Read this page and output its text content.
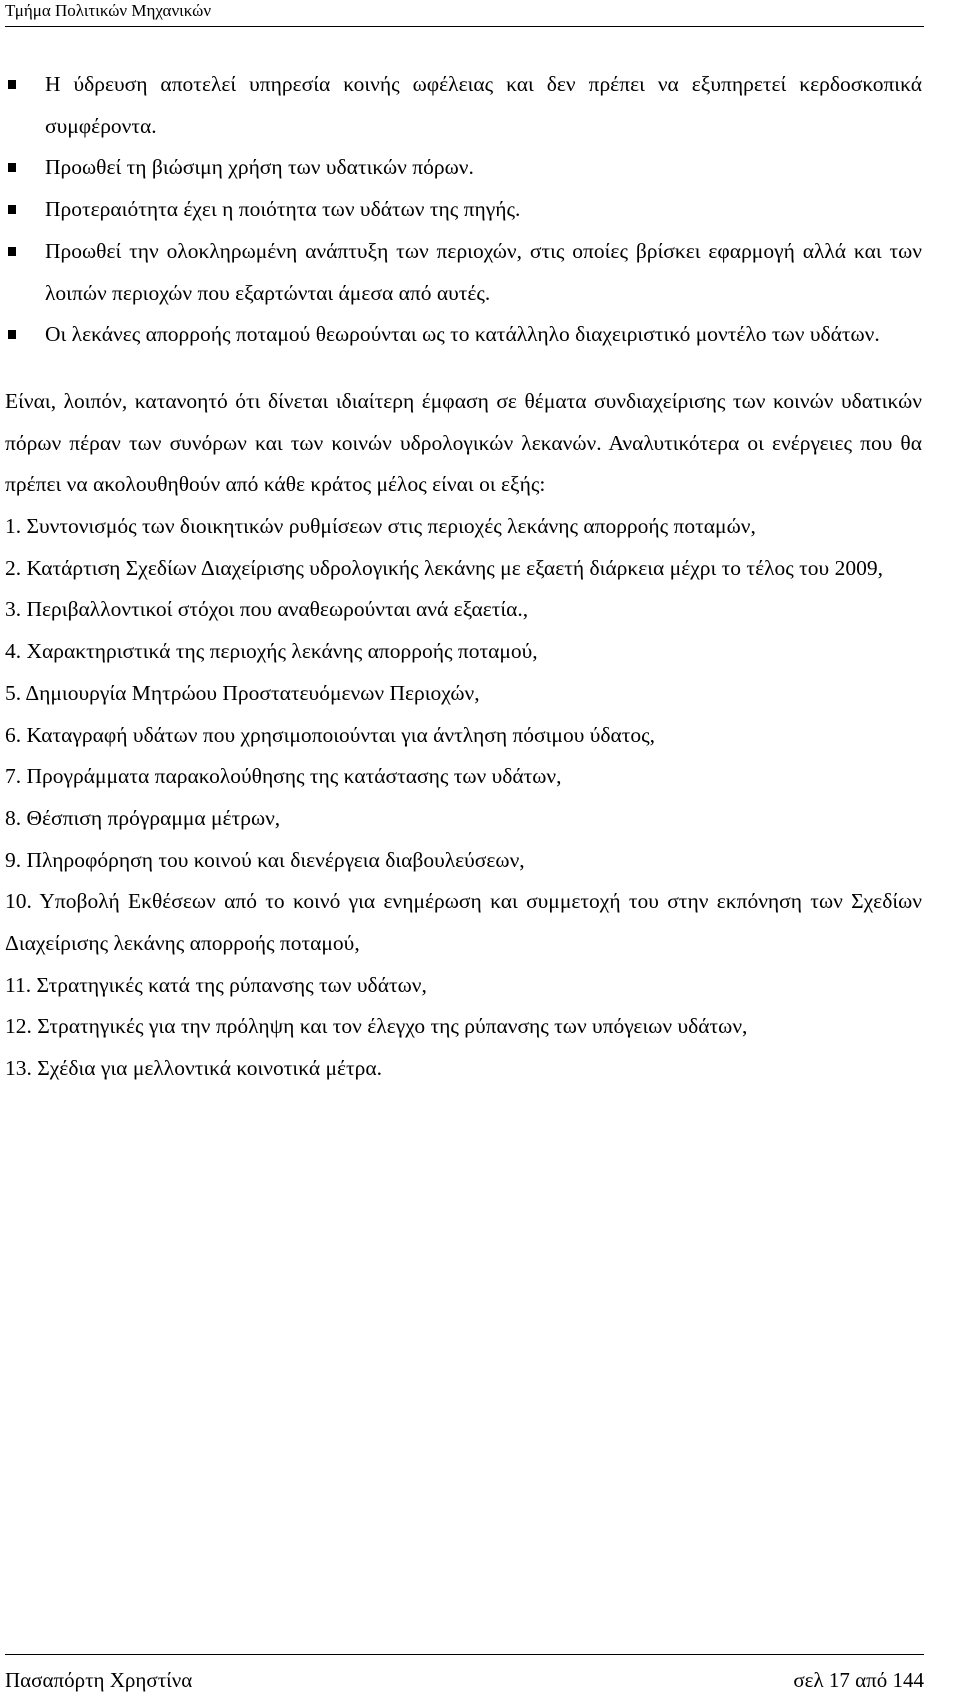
Τμήμα Πολιτικών Μηχανικών
Η ύδρευση αποτελεί υπηρεσία κοινής ωφέλειας και δεν πρέπει να εξυπηρετεί κερδοσκοπικά συμφέροντα.
Προωθεί τη βιώσιμη χρήση των υδατικών πόρων.
Προτεραιότητα έχει η ποιότητα των υδάτων της πηγής.
Προωθεί την ολοκληρωμένη ανάπτυξη των περιοχών, στις οποίες βρίσκει εφαρμογή αλλά και των λοιπών περιοχών που εξαρτώνται άμεσα από αυτές.
Οι λεκάνες απορροής ποταμού θεωρούνται ως το κατάλληλο διαχειριστικό μοντέλο των υδάτων.

Είναι, λοιπόν, κατανοητό ότι δίνεται ιδιαίτερη έμφαση σε θέματα συνδιαχείρισης των κοινών υδατικών πόρων πέραν των συνόρων και των κοινών υδρολογικών λεκανών. Αναλυτικότερα οι ενέργειες που θα πρέπει να ακολουθηθούν από κάθε κράτος μέλος είναι οι εξής:

1. Συντονισμός των διοικητικών ρυθμίσεων στις περιοχές λεκάνης απορροής ποταμών,
2. Κατάρτιση Σχεδίων Διαχείρισης υδρολογικής λεκάνης με εξαετή διάρκεια μέχρι το τέλος του 2009,
3. Περιβαλλοντικοί στόχοι που αναθεωρούνται ανά εξαετία.,
4. Χαρακτηριστικά της περιοχής λεκάνης απορροής ποταμού,
5. Δημιουργία Μητρώου Προστατευόμενων Περιοχών,
6. Καταγραφή υδάτων που χρησιμοποιούνται για άντληση πόσιμου ύδατος,
7. Προγράμματα παρακολούθησης της κατάστασης των υδάτων,
8. Θέσπιση πρόγραμμα μέτρων,
9. Πληροφόρηση του κοινού και διενέργεια διαβουλεύσεων,
10. Υποβολή Εκθέσεων από το κοινό για ενημέρωση και συμμετοχή του στην εκπόνηση των Σχεδίων Διαχείρισης λεκάνης απορροής ποταμού,
11. Στρατηγικές κατά της ρύπανσης των υδάτων,
12. Στρατηγικές για την πρόληψη και τον έλεγχο της ρύπανσης των υπόγειων υδάτων,
13. Σχέδια για μελλοντικά κοινοτικά μέτρα.
Πασαπόρτη Χρηστίνα	σελ 17 από 144
